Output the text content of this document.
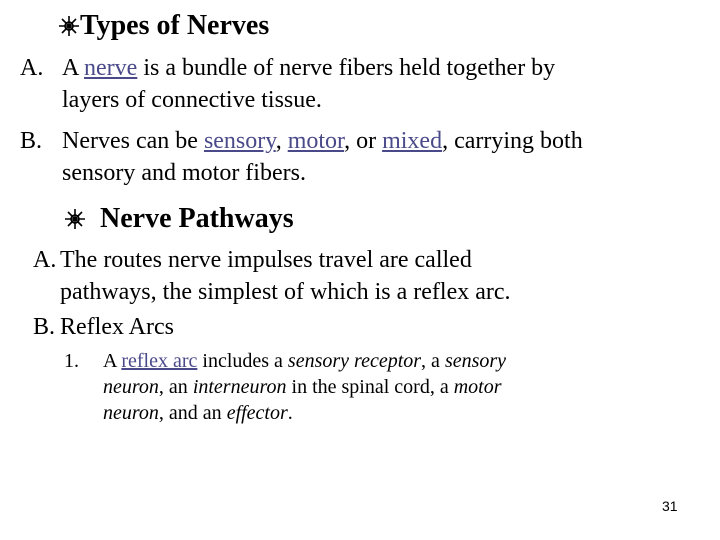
Types of Nerves
A. A nerve is a bundle of nerve fibers held together by
layers of connective tissue.
B. Nerves can be sensory, motor, or mixed, carrying both
sensory and motor fibers.
Nerve Pathways
A. The routes nerve impulses travel are called
pathways, the simplest of which is a reflex arc.
B. Reflex Arcs
1. A reflex arc includes a sensory receptor, a sensory
neuron, an interneuron in the spinal cord, a motor
neuron, and an effector.
31
